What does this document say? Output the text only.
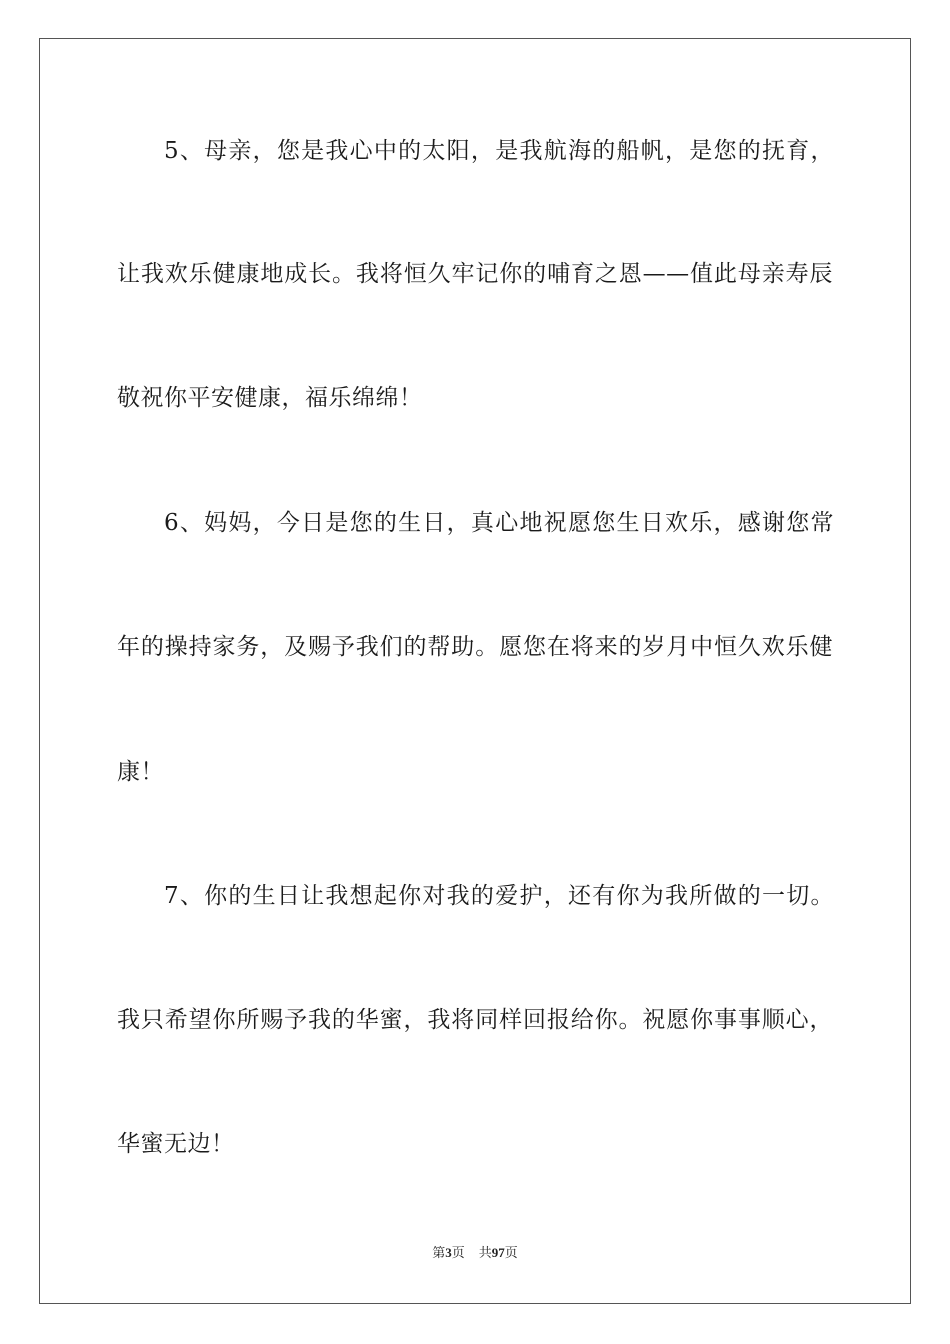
5、母亲，您是我心中的太阳，是我航海的船帆，是您的抚育，
让我欢乐健康地成长。我将恒久牢记你的哺育之恩——值此母亲寿辰
敬祝你平安健康，福乐绵绵！
6、妈妈，今日是您的生日，真心地祝愿您生日欢乐，感谢您常
年的操持家务，及赐予我们的帮助。愿您在将来的岁月中恒久欢乐健
康！
7、你的生日让我想起你对我的爱护，还有你为我所做的一切。
我只希望你所赐予我的华蜜，我将同样回报给你。祝愿你事事顺心，
华蜜无边！
第3页 共97页
